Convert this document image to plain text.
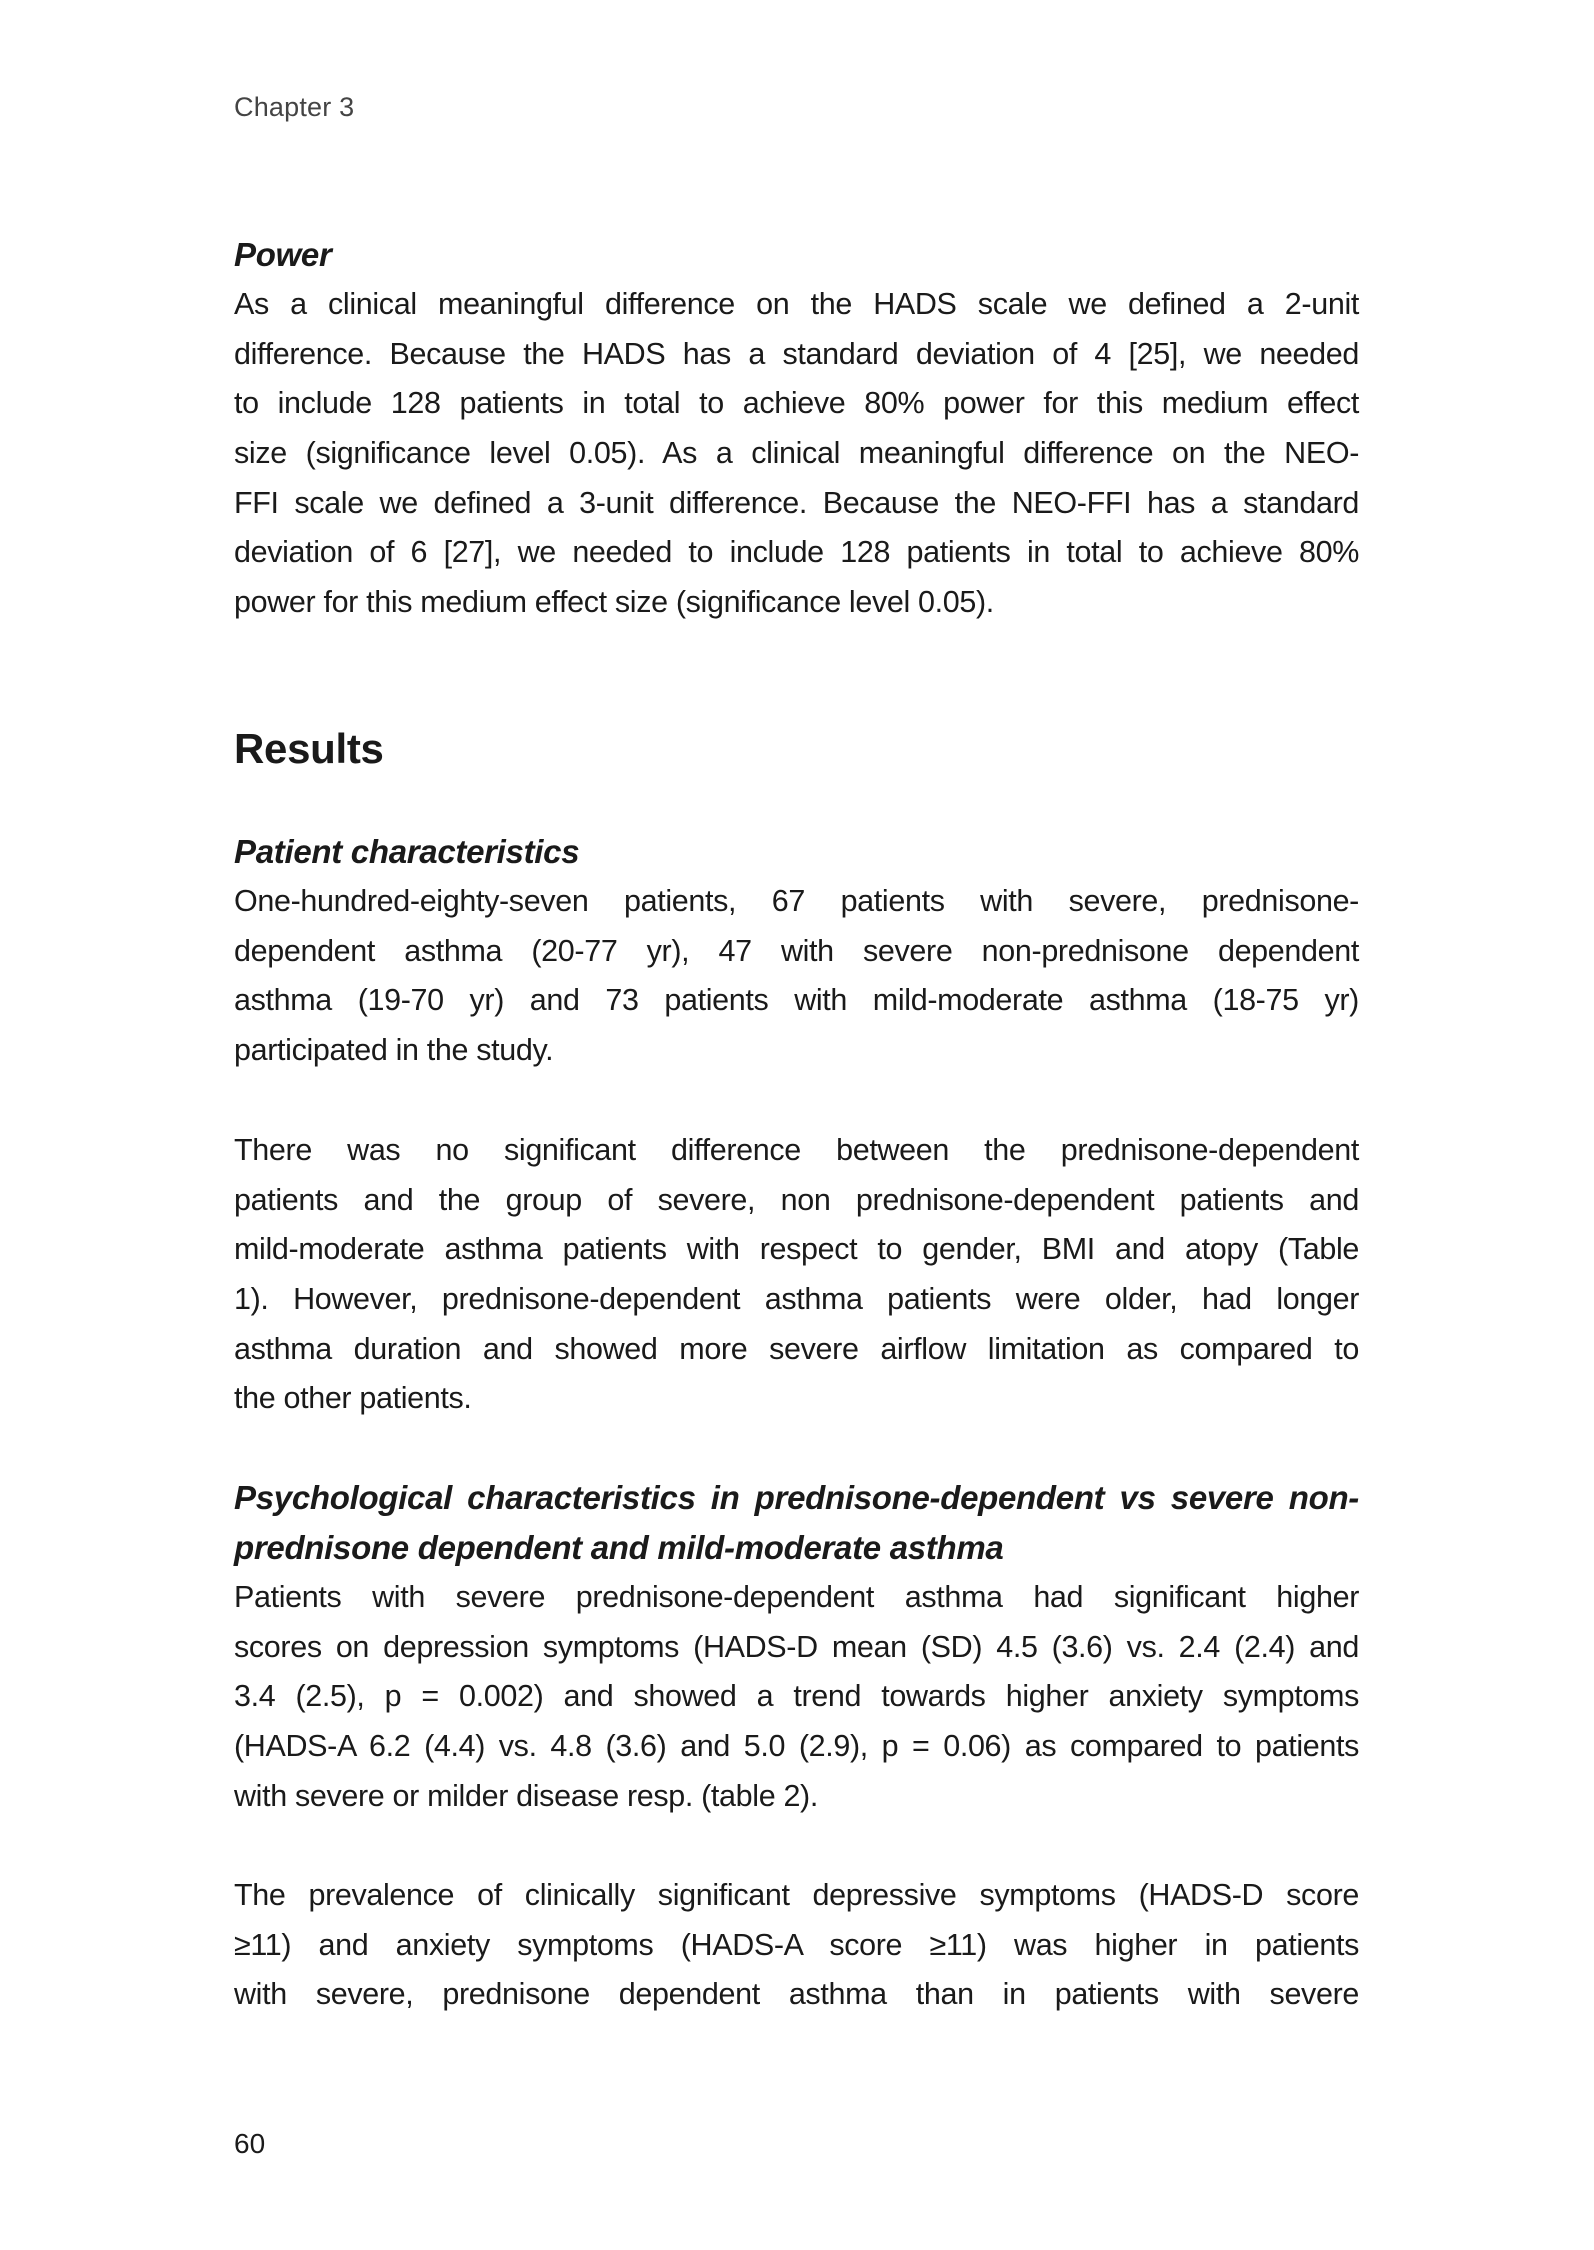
Chapter 3
Power

As a clinical meaningful difference on the HADS scale we defined a 2-unit
difference. Because the HADS has a standard deviation of 4 [25], we needed
to include 128 patients in total to achieve 80% power for this medium effect
size (significance level 0.05). As a clinical meaningful difference on the NEO-
FFI scale we defined a 3-unit difference. Because the NEO-FFI has a standard
deviation of 6 [27], we needed to include 128 patients in total to achieve 80%
power for this medium effect size (significance level 0.05).

Results
Patient characteristics

One-hundred-eighty-seven patients, 67 patients with severe, prednisone-
dependent asthma (20-77 yr), 47 with severe non-prednisone dependent
asthma (19-70 yr) and 73 patients with mild-moderate asthma (18-75 yr)
participated in the study.

There was no significant difference between the prednisone-dependent
patients and the group of severe, non prednisone-dependent patients and
mild-moderate asthma patients with respect to gender, BMI and atopy (Table
1). However, prednisone-dependent asthma patients were older, had longer
asthma duration and showed more severe airflow limitation as compared to
the other patients.

Psychological characteristics in prednisone-dependent vs severe non-
prednisone dependent and mild-moderate asthma

Patients with severe prednisone-dependent asthma had significant higher
scores on depression symptoms (HADS-D mean (SD) 4.5 (3.6) vs. 2.4 (2.4) and
3.4 (2.5), p = 0.002) and showed a trend towards higher anxiety symptoms
(HADS-A 6.2 (4.4) vs. 4.8 (3.6) and 5.0 (2.9), p = 0.06) as compared to patients
with severe or milder disease resp. (table 2).

The prevalence of clinically significant depressive symptoms (HADS-D score
≥11) and anxiety symptoms (HADS-A score ≥11) was higher in patients
with severe, prednisone dependent asthma than in patients with severe

60
